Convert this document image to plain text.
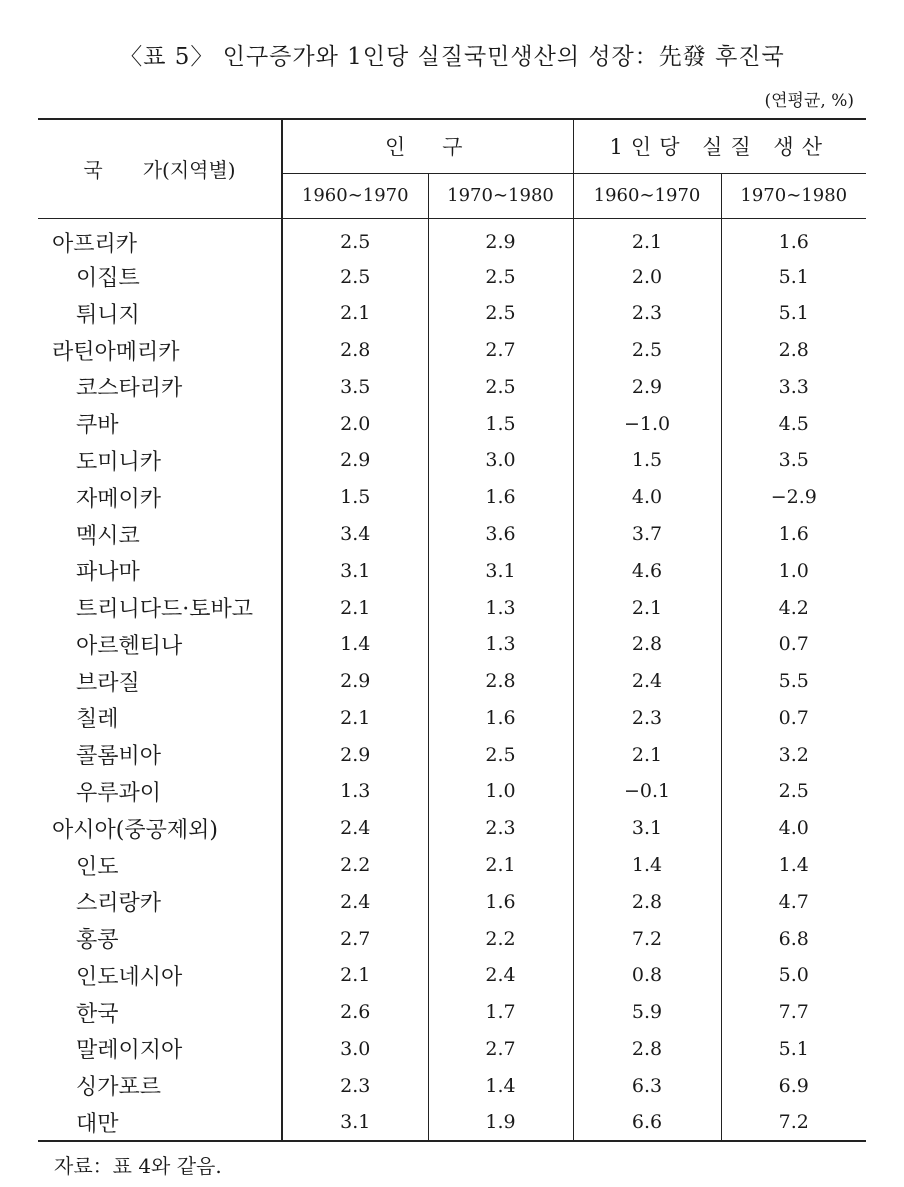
〈표 5〉 인구증가와 1인당 실질국민생산의 성장：先發 후진국
(연평균, %)
국　　가(지역별)	인　구		1인당 실질 생산	
	1960∼1970	1970∼1980	1960∼1970	1970∼1980
아프리카	2.5	2.9	2.1	1.6
이집트	2.5	2.5	2.0	5.1
튀니지	2.1	2.5	2.3	5.1
라틴아메리카	2.8	2.7	2.5	2.8
코스타리카	3.5	2.5	2.9	3.3
쿠바	2.0	1.5	−1.0	4.5
도미니카	2.9	3.0	1.5	3.5
자메이카	1.5	1.6	4.0	−2.9
멕시코	3.4	3.6	3.7	1.6
파나마	3.1	3.1	4.6	1.0
트리니다드·토바고	2.1	1.3	2.1	4.2
아르헨티나	1.4	1.3	2.8	0.7
브라질	2.9	2.8	2.4	5.5
칠레	2.1	1.6	2.3	0.7
콜롬비아	2.9	2.5	2.1	3.2
우루과이	1.3	1.0	−0.1	2.5
아시아(중공제외)	2.4	2.3	3.1	4.0
인도	2.2	2.1	1.4	1.4
스리랑카	2.4	1.6	2.8	4.7
홍콩	2.7	2.2	7.2	6.8
인도네시아	2.1	2.4	0.8	5.0
한국	2.6	1.7	5.9	7.7
말레이지아	3.0	2.7	2.8	5.1
싱가포르	2.3	1.4	6.3	6.9
대만	3.1	1.9	6.6	7.2
자료：표 4와 같음.
